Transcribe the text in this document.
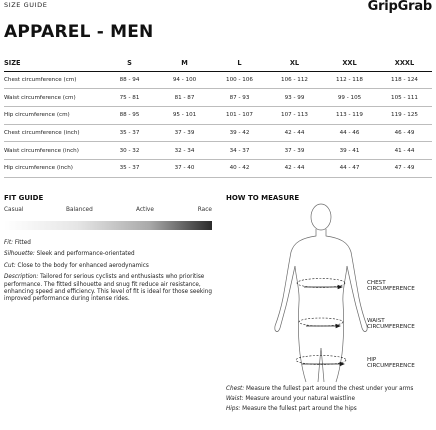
SIZE GUIDE	GripGrab
APPAREL - MEN
SIZE	S	M	L	XL	XXL	XXXL
Chest circumference (cm)	88 - 94	94 - 100	100 - 106	106 - 112	112 - 118	118 - 124
Waist circumference (cm)	75 - 81	81 - 87	87 - 93	93 - 99	99 - 105	105 - 111
Hip circumference (cm)	88 - 95	95 - 101	101 - 107	107 - 113	113 - 119	119 - 125
Chest circumference (inch)	35 - 37	37 - 39	39 - 42	42 - 44	44 - 46	46 - 49
Waist circumference (inch)	30 - 32	32 - 34	34 - 37	37 - 39	39 - 41	41 - 44
Hip circumference (inch)	35 - 37	37 - 40	40 - 42	42 - 44	44 - 47	47 - 49
FIT GUIDE
Casual	Balanced	Active	Race

Fit: Fitted

Silhouette: Sleek and performance-orientated

Cut: Close to the body for enhanced aerodynamics

Description: Tailored for serious cyclists and enthusiasts who prioritise performance. The fitted silhouette and snug fit reduce air resistance, enhancing speed and efficiency. This level of fit is ideal for those seeking improved performance during intense rides.

HOW TO MEASURE
CHEST
CIRCUMFERENCE
WAIST
CIRCUMFERENCE
HIP
CIRCUMFERENCE

Chest: Measure the fullest part around the chest under your arms

Waist: Measure around your natural waistline

Hips: Measure the fullest part around the hips
